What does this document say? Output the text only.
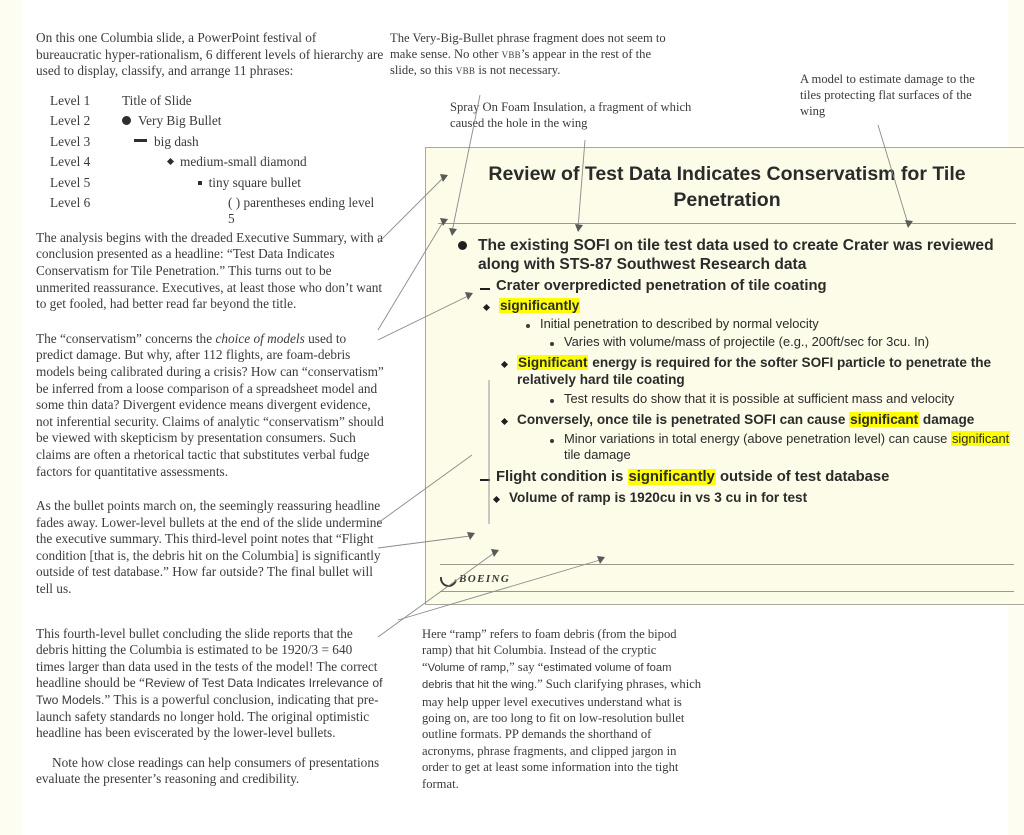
On this one Columbia slide, a PowerPoint festival of bureaucratic hyper-rationalism, 6 different levels of hierarchy are used to display, classify, and arrange 11 phrases:

Level 1	Title of Slide
Level 2	Very Big Bullet
Level 3	big dash
Level 4	medium-small diamond
Level 5	tiny square bullet
Level 6	( ) parentheses ending level 5

The analysis begins with the dreaded Executive Summary, with a conclusion presented as a headline: “Test Data Indicates Conservatism for Tile Penetration.” This turns out to be unmerited reassurance. Executives, at least those who don’t want to get fooled, had better read far beyond the title.

The “conservatism” concerns the choice of models used to predict damage. But why, after 112 flights, are foam-debris models being calibrated during a crisis? How can “conservatism” be inferred from a loose comparison of a spreadsheet model and some thin data? Divergent evidence means divergent evidence, not inferential security. Claims of analytic “conservatism” should be viewed with skepticism by presentation consumers. Such claims are often a rhetorical tactic that substitutes verbal fudge factors for quantitative assessments.

As the bullet points march on, the seemingly reassuring headline fades away. Lower-level bullets at the end of the slide undermine the executive summary. This third-level point notes that “Flight condition [that is, the debris hit on the Columbia] is significantly outside of test database.” How far outside? The final bullet will tell us.

This fourth-level bullet concluding the slide reports that the debris hitting the Columbia is estimated to be 1920/3 = 640 times larger than data used in the tests of the model! The correct headline should be “Review of Test Data Indicates Irrelevance of Two Models.” This is a powerful conclusion, indicating that pre-launch safety standards no longer hold. The original optimistic headline has been eviscerated by the lower-level bullets.

Note how close readings can help consumers of presentations evaluate the presenter’s reasoning and credibility.

The Very-Big-Bullet phrase fragment does not seem to make sense. No other vbb’s appear in the rest of the slide, so this vbb is not necessary.
Spray On Foam Insulation, a fragment of which caused the hole in the wing
A model to estimate damage to the tiles protecting flat surfaces of the wing
Here “ramp” refers to foam debris (from the bipod ramp) that hit Columbia. Instead of the cryptic “Volume of ramp,” say “estimated volume of foam debris that hit the wing.” Such clarifying phrases, which may help upper level executives understand what is going on, are too long to fit on low-resolution bullet outline formats. PP demands the shorthand of acronyms, phrase fragments, and clipped jargon in order to get at least some information into the tight format.
Review of Test Data Indicates Conservatism for Tile Penetration
The existing SOFI on tile test data used to create Crater was reviewed along with STS-87 Southwest Research data
Crater overpredicted penetration of tile coating
significantly
Initial penetration to described by normal velocity
Varies with volume/mass of projectile (e.g., 200ft/sec for 3cu. In)
Significant energy is required for the softer SOFI particle to penetrate the relatively hard tile coating
Test results do show that it is possible at sufficient mass and velocity
Conversely, once tile is penetrated SOFI can cause significant damage
Minor variations in total energy (above penetration level) can cause significant tile damage
Flight condition is significantly outside of test database
Volume of ramp is 1920cu in vs 3 cu in for test
BOEING
